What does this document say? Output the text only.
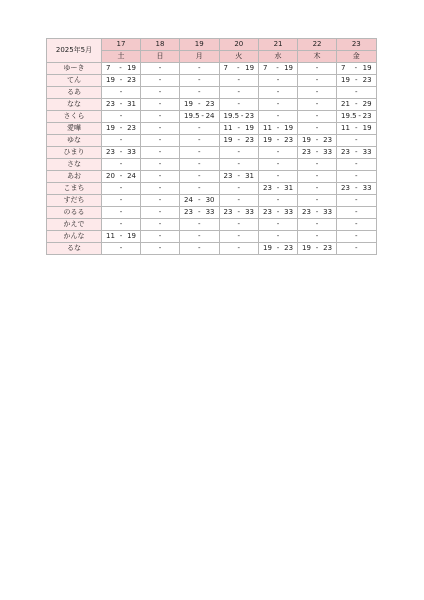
2025年5月	17	18	19	20	21	22	23
	土	日	月	火	水	木	金
ゆーき	7 - 19	-	-	7 - 19	7 - 19	-	7 - 19

てん	19 - 23	-	-	-	-	-	19 - 23

るあ	-	-	-	-	-	-	-

なな	23 - 31	-	19 - 23	-	-	-	21 - 29

さくら	-	-	19.5 - 24	19.5 - 23	-	-	19.5 - 23

愛嘩	19 - 23	-	-	11 - 19	11 - 19	-	11 - 19

ゆな	-	-	-	19 - 23	19 - 23	19 - 23	-

ひまり	23 - 33	-	-	-	-	23 - 33	23 - 33

さな	-	-	-	-	-	-	-

あお	20 - 24	-	-	23 - 31	-	-	-

こまち	-	-	-	-	23 - 31	-	23 - 33

すだち	-	-	24 - 30	-	-	-	-

のるる	-	-	23 - 33	23 - 33	23 - 33	23 - 33	-

かえで	-	-	-	-	-	-	-

かんな	11 - 19	-	-	-	-	-	-

るな	-	-	-	-	19 - 23	19 - 23	-
